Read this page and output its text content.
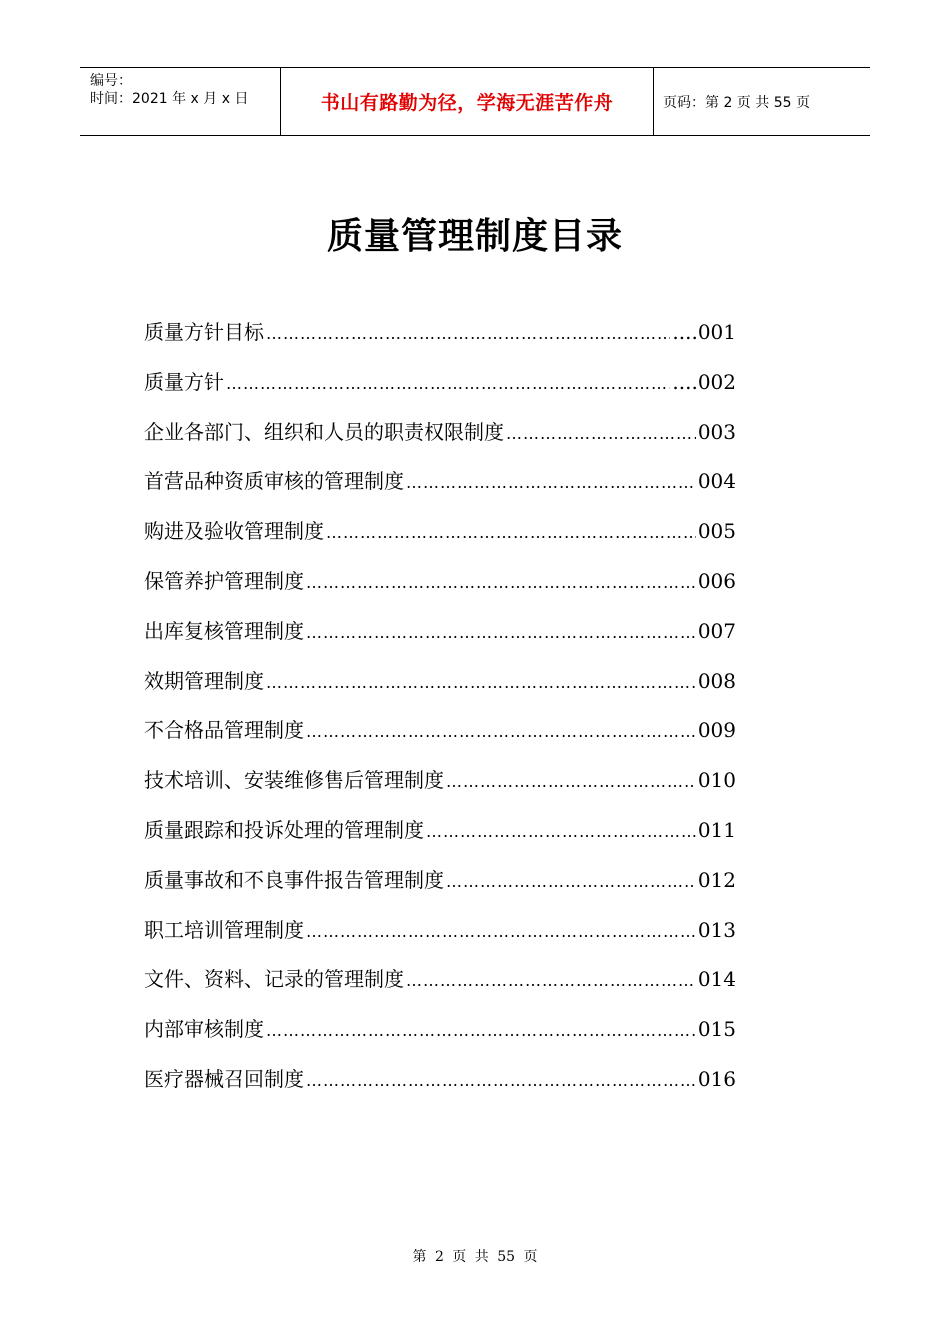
编号：
时间：2021 年 x 月 x 日	书山有路勤为径，学海无涯苦作舟	页码：第 2 页 共 55 页
质量管理制度目录
质量方针目标 …………………………………………………………………………………………………………	....001
质量方针 …………………………………………………………………………………………………………	....002
企业各部门、组织和人员的职责权限制度 …………………………………………………………………………………………………………	003
首营品种资质审核的管理制度 …………………………………………………………………………………………………………	004
购进及验收管理制度 …………………………………………………………………………………………………………	005
保管养护管理制度 …………………………………………………………………………………………………………	006
出库复核管理制度 …………………………………………………………………………………………………………	007
效期管理制度 …………………………………………………………………………………………………………	008
不合格品管理制度 …………………………………………………………………………………………………………	009
技术培训、安装维修售后管理制度 …………………………………………………………………………………………………………	010
质量跟踪和投诉处理的管理制度 …………………………………………………………………………………………………………	011
质量事故和不良事件报告管理制度 …………………………………………………………………………………………………………	012
职工培训管理制度 …………………………………………………………………………………………………………	013
文件、资料、记录的管理制度 …………………………………………………………………………………………………………	014
内部审核制度 …………………………………………………………………………………………………………	015
医疗器械召回制度 …………………………………………………………………………………………………………	016
第 2 页 共 55 页
